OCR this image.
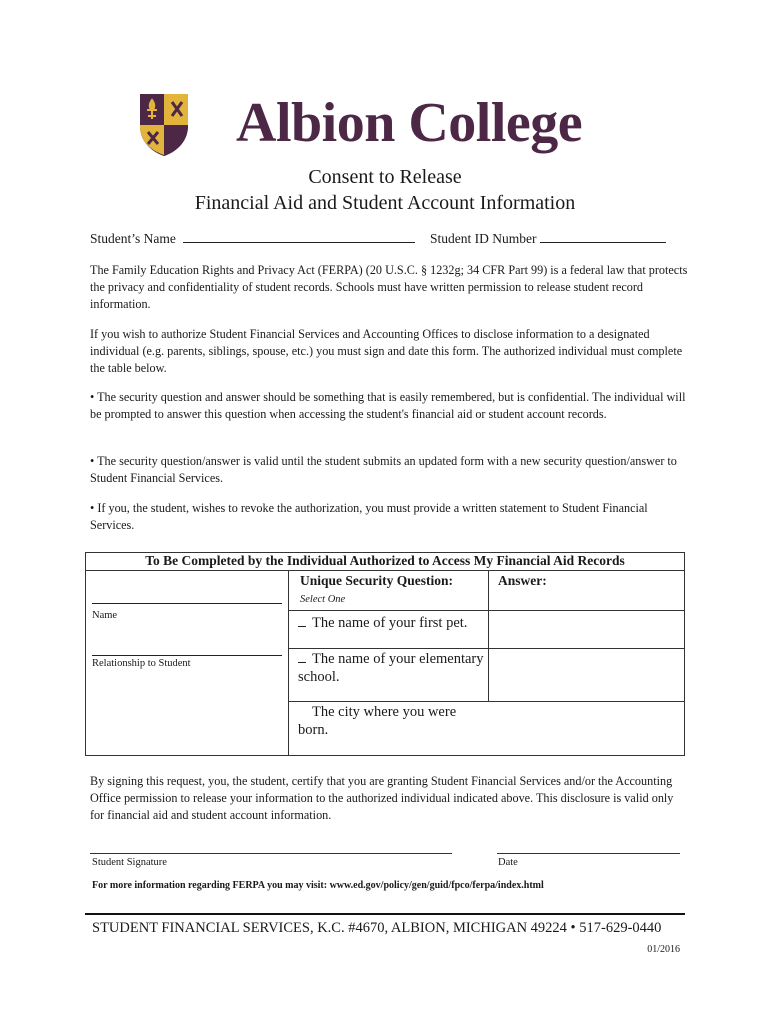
Albion College
Consent to Release
Financial Aid and Student Account Information
Student’s Name	Student ID Number
The Family Education Rights and Privacy Act (FERPA) (20 U.S.C. § 1232g; 34 CFR Part 99) is a federal law that protects the privacy and confidentiality of student records. Schools must have written permission to release student record information.
If you wish to authorize Student Financial Services and Accounting Offices to disclose information to a designated individual (e.g. parents, siblings, spouse, etc.) you must sign and date this form. The authorized individual must complete the table below.
• The security question and answer should be something that is easily remembered, but is confidential. The individual will be prompted to answer this question when accessing the student's financial aid or student account records.
• The security question/answer is valid until the student submits an updated form with a new security question/answer to Student Financial Services.
• If you, the student, wishes to revoke the authorization, you must provide a written statement to Student Financial Services.
To Be Completed by the Individual Authorized to Access My Financial Aid Records
Unique Security Question:	Answer:
Select One
Name
Relationship to Student
The name of your first pet.
The name of your elementary school.
The city where you were born.
By signing this request, you, the student, certify that you are granting Student Financial Services and/or the Accounting Office permission to release your information to the authorized individual indicated above. This disclosure is valid only for financial aid and student account information.
Student Signature	Date
For more information regarding FERPA you may visit: www.ed.gov/policy/gen/guid/fpco/ferpa/index.html
STUDENT FINANCIAL SERVICES, K.C. #4670, ALBION, MICHIGAN 49224 • 517-629-0440
01/2016
